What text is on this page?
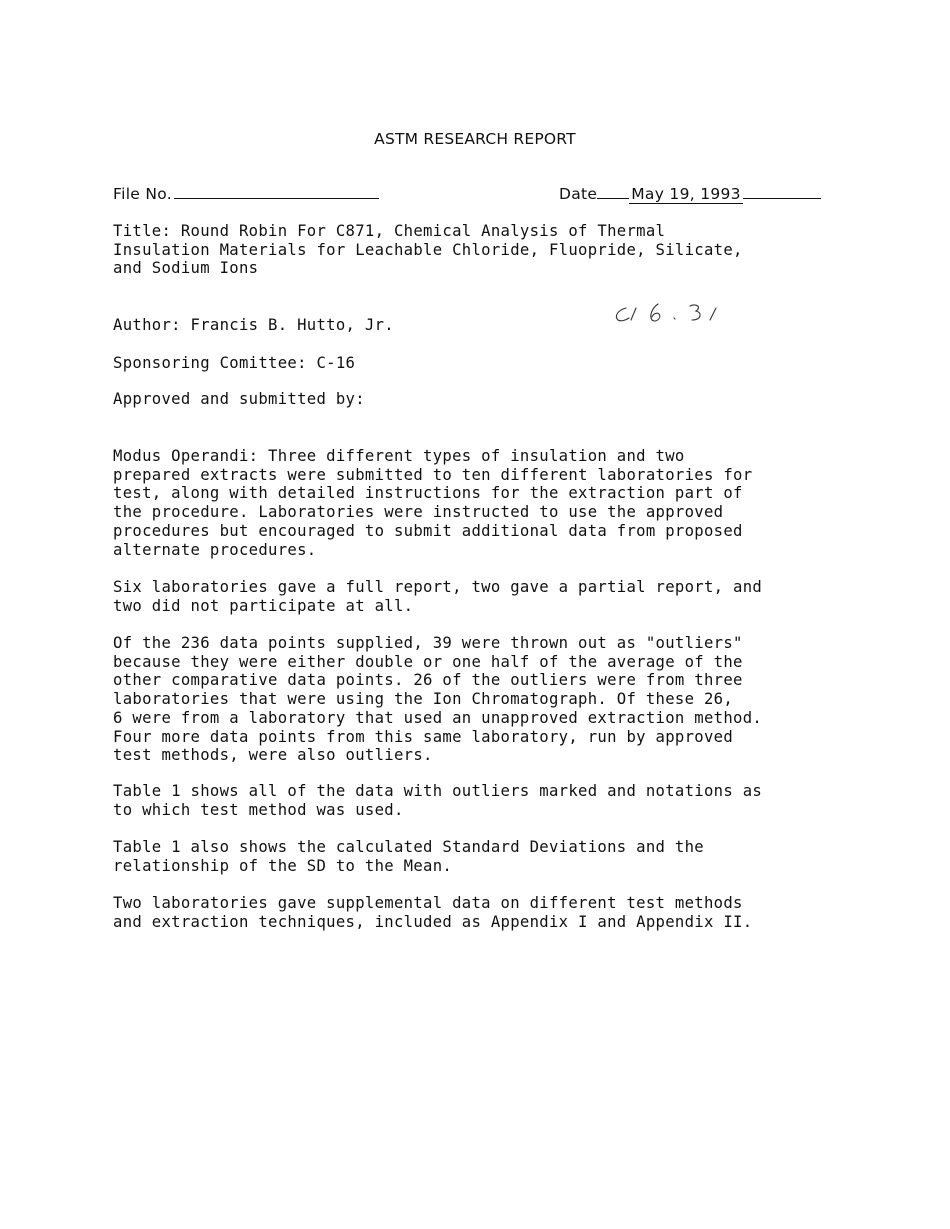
ASTM RESEARCH REPORT
File No.	Date May 19, 1993

Title: Round Robin For C871, Chemical Analysis of Thermal
Insulation Materials for Leachable Chloride, Fluopride, Silicate,
and Sodium Ions

Author: Francis B. Hutto, Jr.

Sponsoring Comittee: C-16

Approved and submitted by:

Modus Operandi: Three different types of insulation and two
prepared extracts were submitted to ten different laboratories for
test, along with detailed instructions for the extraction part of
the procedure. Laboratories were instructed to use the approved
procedures but encouraged to submit additional data from proposed
alternate procedures.

Six laboratories gave a full report, two gave a partial report, and
two did not participate at all.

Of the 236 data points supplied, 39 were thrown out as "outliers"
because they were either double or one half of the average of the
other comparative data points. 26 of the outliers were from three
laboratories that were using the Ion Chromatograph. Of these 26,
6 were from a laboratory that used an unapproved extraction method.
Four more data points from this same laboratory, run by approved
test methods, were also outliers.

Table 1 shows all of the data with outliers marked and notations as
to which test method was used.

Table 1 also shows the calculated Standard Deviations and the
relationship of the SD to the Mean.

Two laboratories gave supplemental data on different test methods
and extraction techniques, included as Appendix I and Appendix II.
